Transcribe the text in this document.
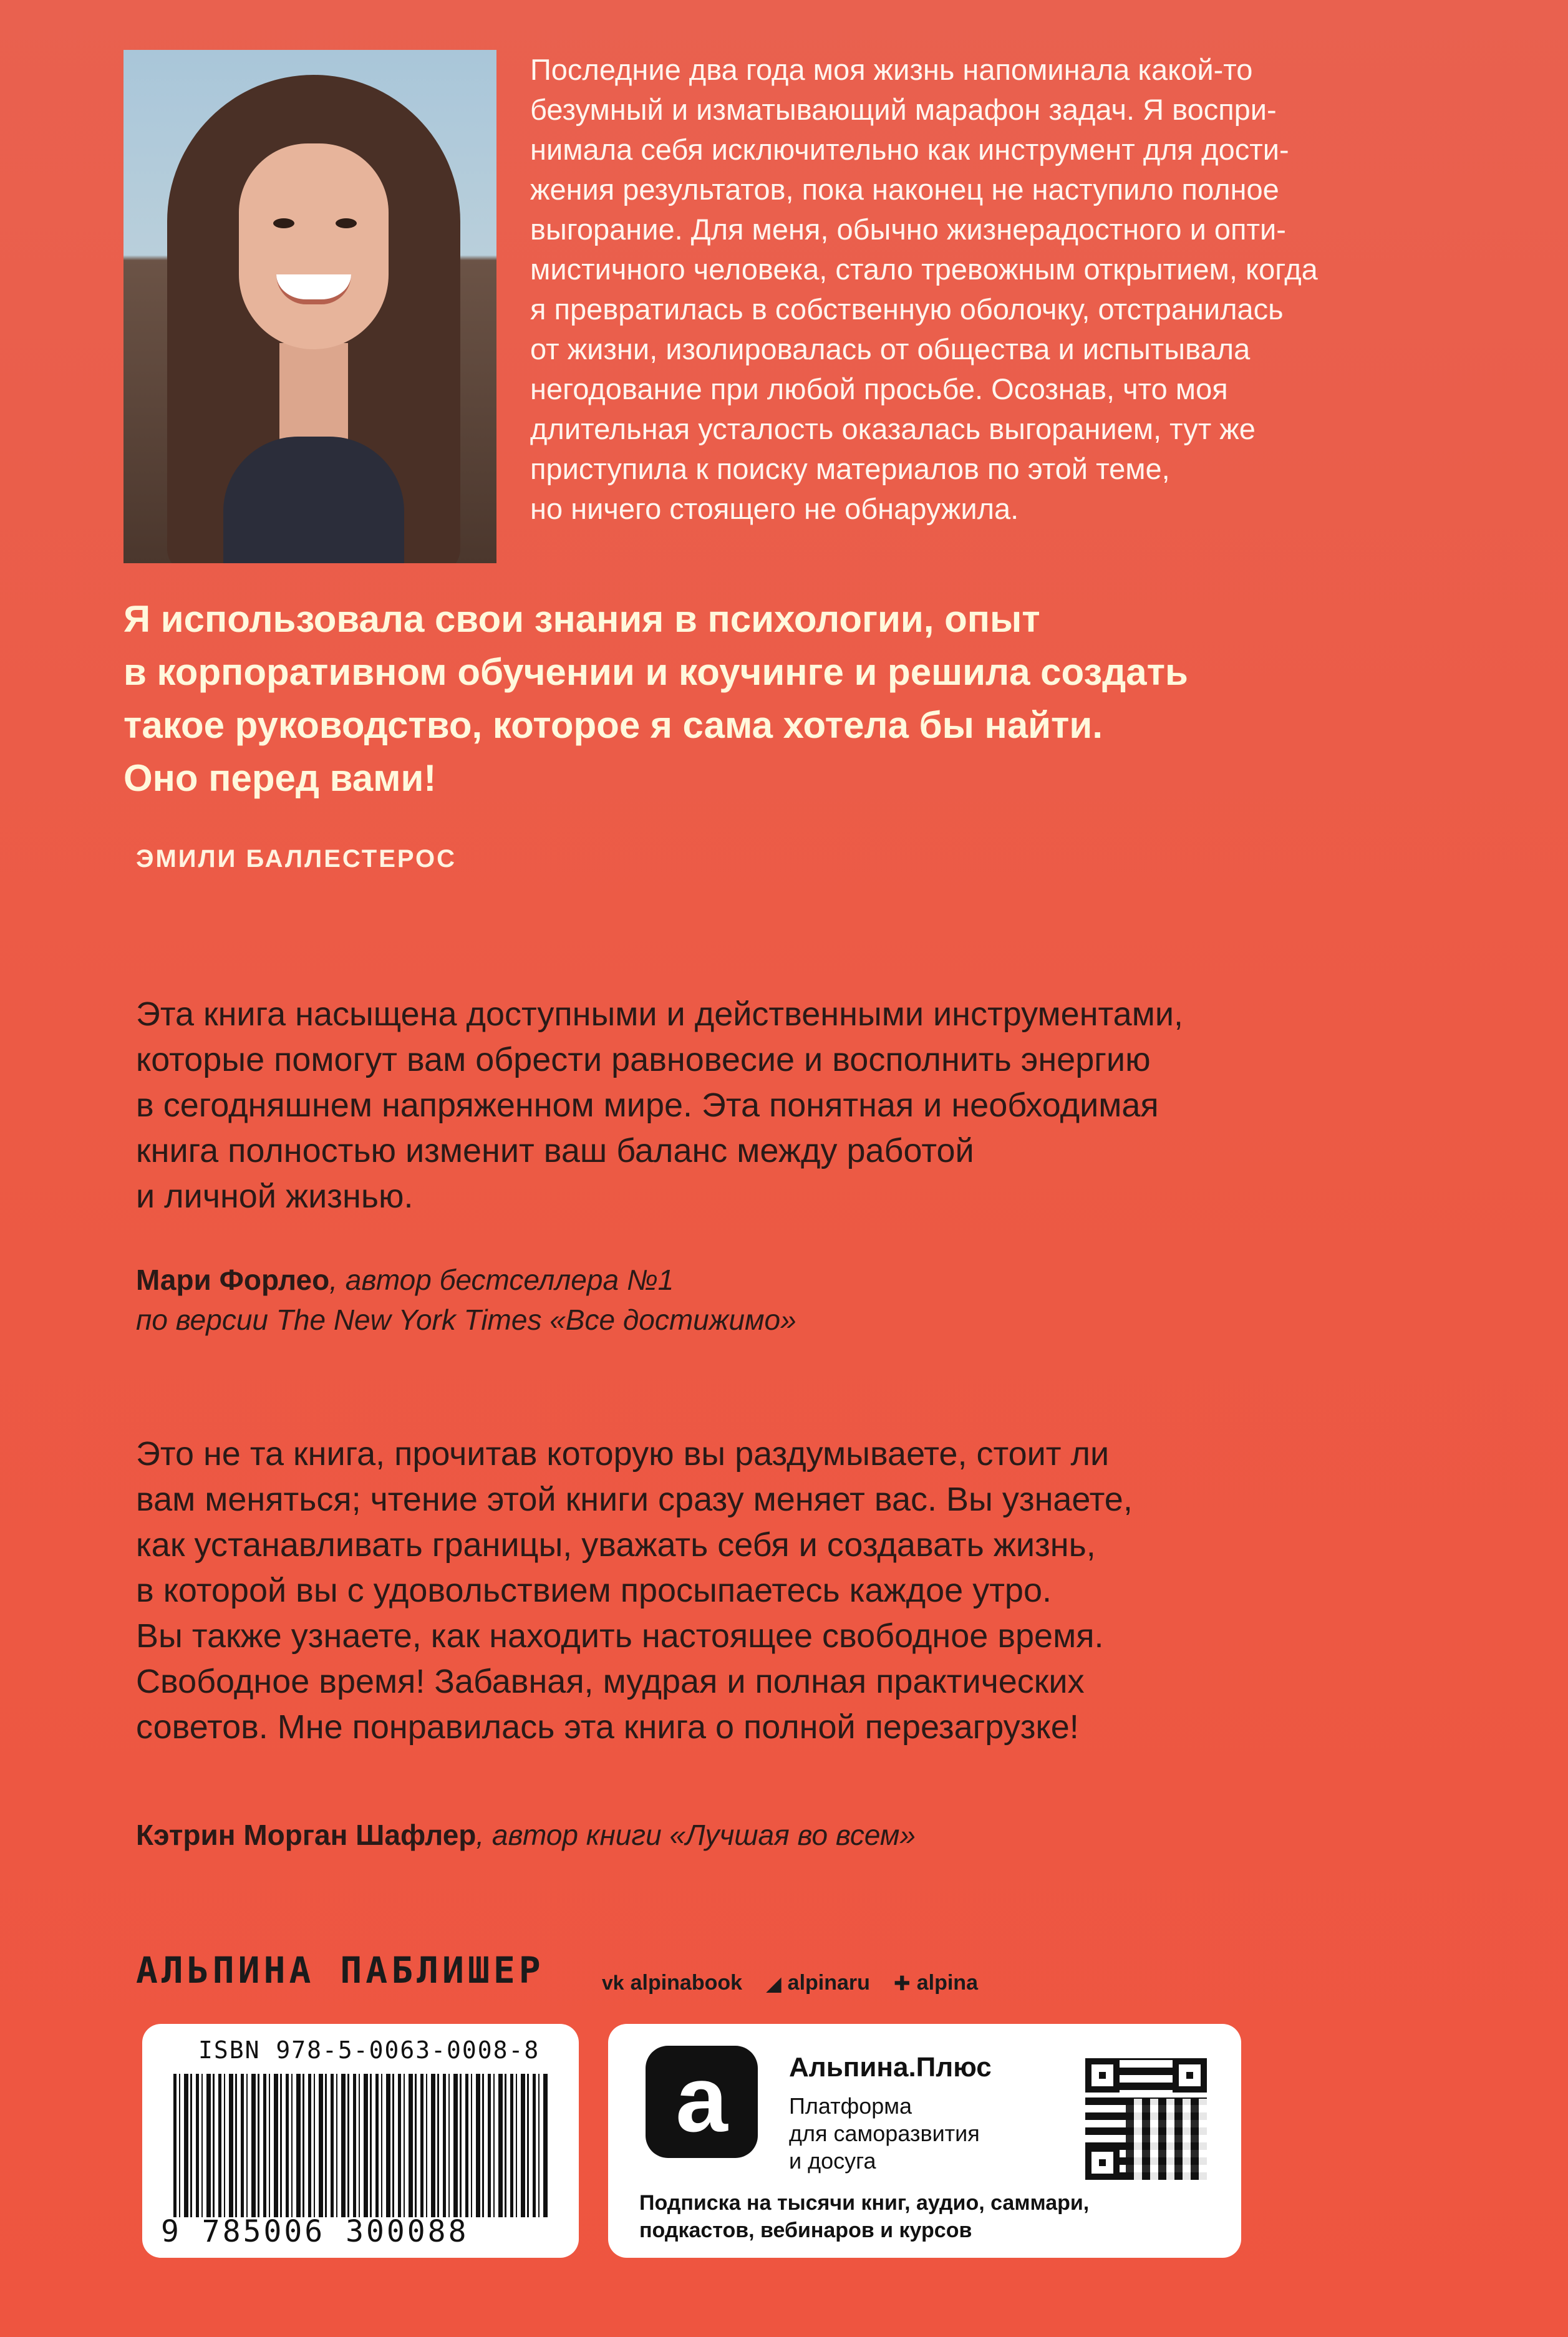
Последние два года моя жизнь напоминала какой-то

безумный и изматывающий марафон задач. Я воспри-

нимала себя исключительно как инструмент для дости-

жения результатов, пока наконец не наступило полное

выгорание. Для меня, обычно жизнерадостного и опти-

мистичного человека, стало тревожным открытием, когда

я превратилась в собственную оболочку, отстранилась

от жизни, изолировалась от общества и испытывала

негодование при любой просьбе. Осознав, что моя

длительная усталость оказалась выгоранием, тут же

приступила к поиску материалов по этой теме,

но ничего стоящего не обнаружила.

Я использовала свои знания в психологии, опыт
в корпоративном обучении и коучинге и решила создать
такое руководство, которое я сама хотела бы найти.
Оно перед вами!
ЭМИЛИ БАЛЛЕСТЕРОС

Эта книга насыщена доступными и действенными инструментами,

которые помогут вам обрести равновесие и восполнить энергию

в сегодняшнем напряженном мире. Эта понятная и необходимая

книга полностью изменит ваш баланс между работой

и личной жизнью.

Мари Форлео, автор бестселлера №1
по версии The New York Times «Все достижимо»

Это не та книга, прочитав которую вы раздумываете, стоит ли

вам меняться; чтение этой книги сразу меняет вас. Вы узнаете,

как устанавливать границы, уважать себя и создавать жизнь,

в которой вы с удовольствием просыпаетесь каждое утро.

Вы также узнаете, как находить настоящее свободное время.

Свободное время! Забавная, мудрая и полная практических

советов. Мне понравилась эта книга о полной перезагрузке!

Кэтрин Морган Шафлер, автор книги «Лучшая во всем»
АЛЬПИНА ПАБЛИШЕР	vk alpinabook ◢ alpinaru ✚ alpina
ISBN 978-5-0063-0008-8
9 785006 300088
a	Альпина.Плюс

Платформа

для саморазвития

и досуга

Подписка на тысячи книг, аудио, саммари,

подкастов, вебинаров и курсов
